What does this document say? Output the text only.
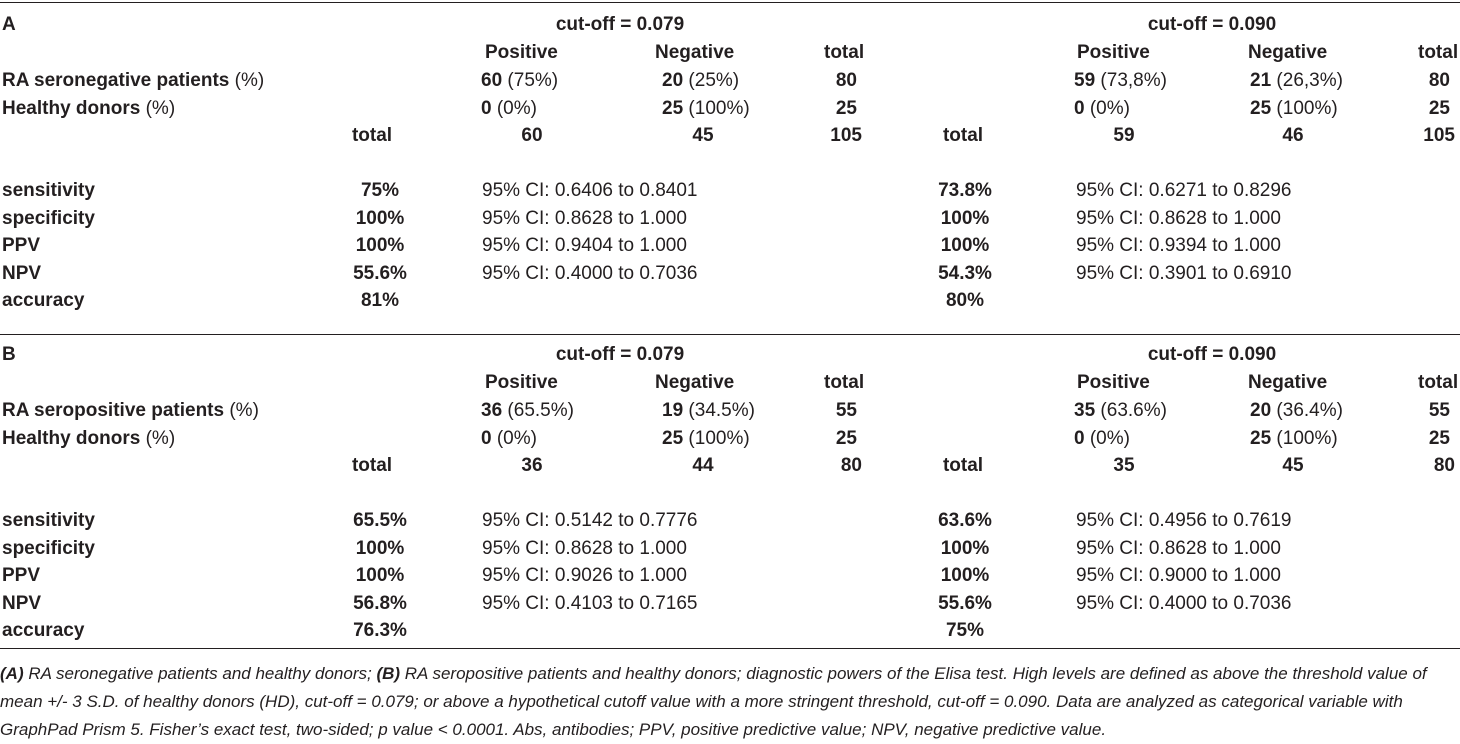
A	cut-off = 0.079	cut-off = 0.090
Positive	Negative	total	Positive	Negative	total
RA seronegative patients (%)	60 (75%)	20 (25%)	80	59 (73,8%)	21 (26,3%)	80
Healthy donors (%)	0 (0%)	25 (100%)	25	0 (0%)	25 (100%)	25
total	60	45	105	total	59	46	105
sensitivity	75%	95% CI: 0.6406 to 0.8401	73.8%	95% CI: 0.6271 to 0.8296
specificity	100%	95% CI: 0.8628 to 1.000	100%	95% CI: 0.8628 to 1.000
PPV	100%	95% CI: 0.9404 to 1.000	100%	95% CI: 0.9394 to 1.000
NPV	55.6%	95% CI: 0.4000 to 0.7036	54.3%	95% CI: 0.3901 to 0.6910
accuracy	81%	80%
B	cut-off = 0.079	cut-off = 0.090
Positive	Negative	total	Positive	Negative	total
RA seropositive patients (%)	36 (65.5%)	19 (34.5%)	55	35 (63.6%)	20 (36.4%)	55
Healthy donors (%)	0 (0%)	25 (100%)	25	0 (0%)	25 (100%)	25
total	36	44	80	total	35	45	80
sensitivity	65.5%	95% CI: 0.5142 to 0.7776	63.6%	95% CI: 0.4956 to 0.7619
specificity	100%	95% CI: 0.8628 to 1.000	100%	95% CI: 0.8628 to 1.000
PPV	100%	95% CI: 0.9026 to 1.000	100%	95% CI: 0.9000 to 1.000
NPV	56.8%	95% CI: 0.4103 to 0.7165	55.6%	95% CI: 0.4000 to 0.7036
accuracy	76.3%	75%
(A) RA seronegative patients and healthy donors; (B) RA seropositive patients and healthy donors; diagnostic powers of the Elisa test. High levels are defined as above the threshold value of mean +/- 3 S.D. of healthy donors (HD), cut-off = 0.079; or above a hypothetical cutoff value with a more stringent threshold, cut-off = 0.090. Data are analyzed as categorical variable with GraphPad Prism 5. Fisher’s exact test, two-sided; p value < 0.0001. Abs, antibodies; PPV, positive predictive value; NPV, negative predictive value.
